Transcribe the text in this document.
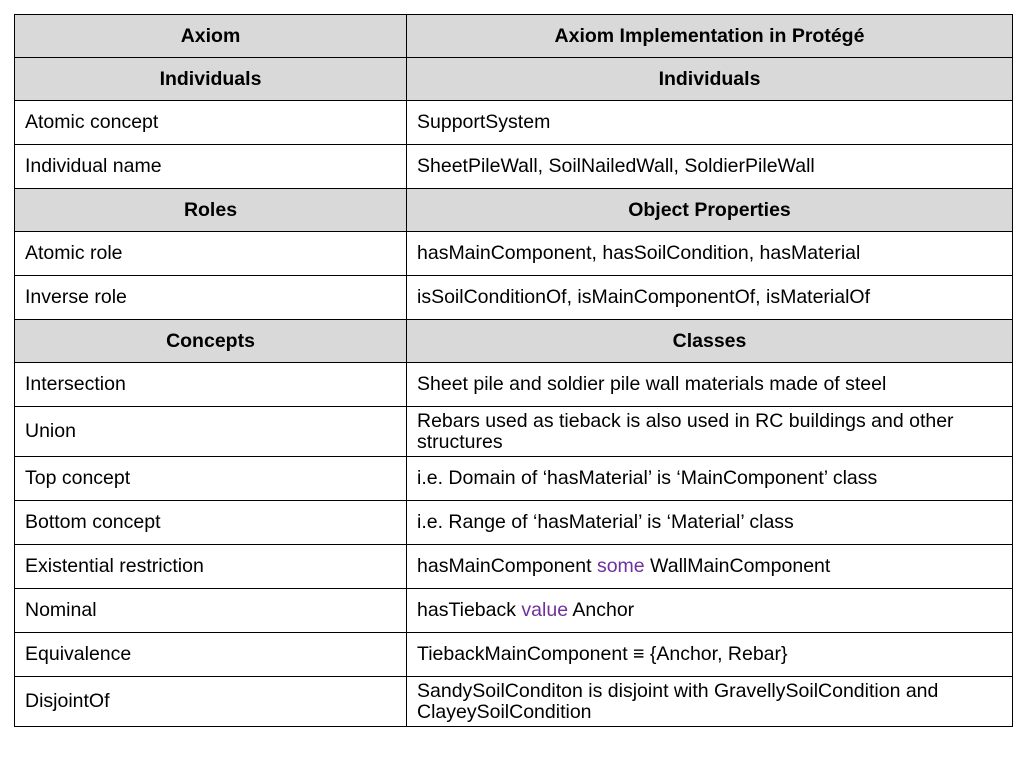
Axiom	Axiom Implementation in Protégé
Individuals	Individuals
Atomic concept	SupportSystem
Individual name	SheetPileWall, SoilNailedWall, SoldierPileWall
Roles	Object Properties
Atomic role	hasMainComponent, hasSoilCondition, hasMaterial
Inverse role	isSoilConditionOf, isMainComponentOf, isMaterialOf
Concepts	Classes
Intersection	Sheet pile and soldier pile wall materials made of steel
Union	Rebars used as tieback is also used in RC buildings and other structures
Top concept	i.e. Domain of ‘hasMaterial’ is ‘MainComponent’ class
Bottom concept	i.e. Range of ‘hasMaterial’ is ‘Material’ class
Existential restriction	hasMainComponent some WallMainComponent
Nominal	hasTieback value Anchor
Equivalence	TiebackMainComponent ≡ {Anchor, Rebar}
DisjointOf	SandySoilConditon is disjoint with GravellySoilCondition and ClayeySoilCondition
